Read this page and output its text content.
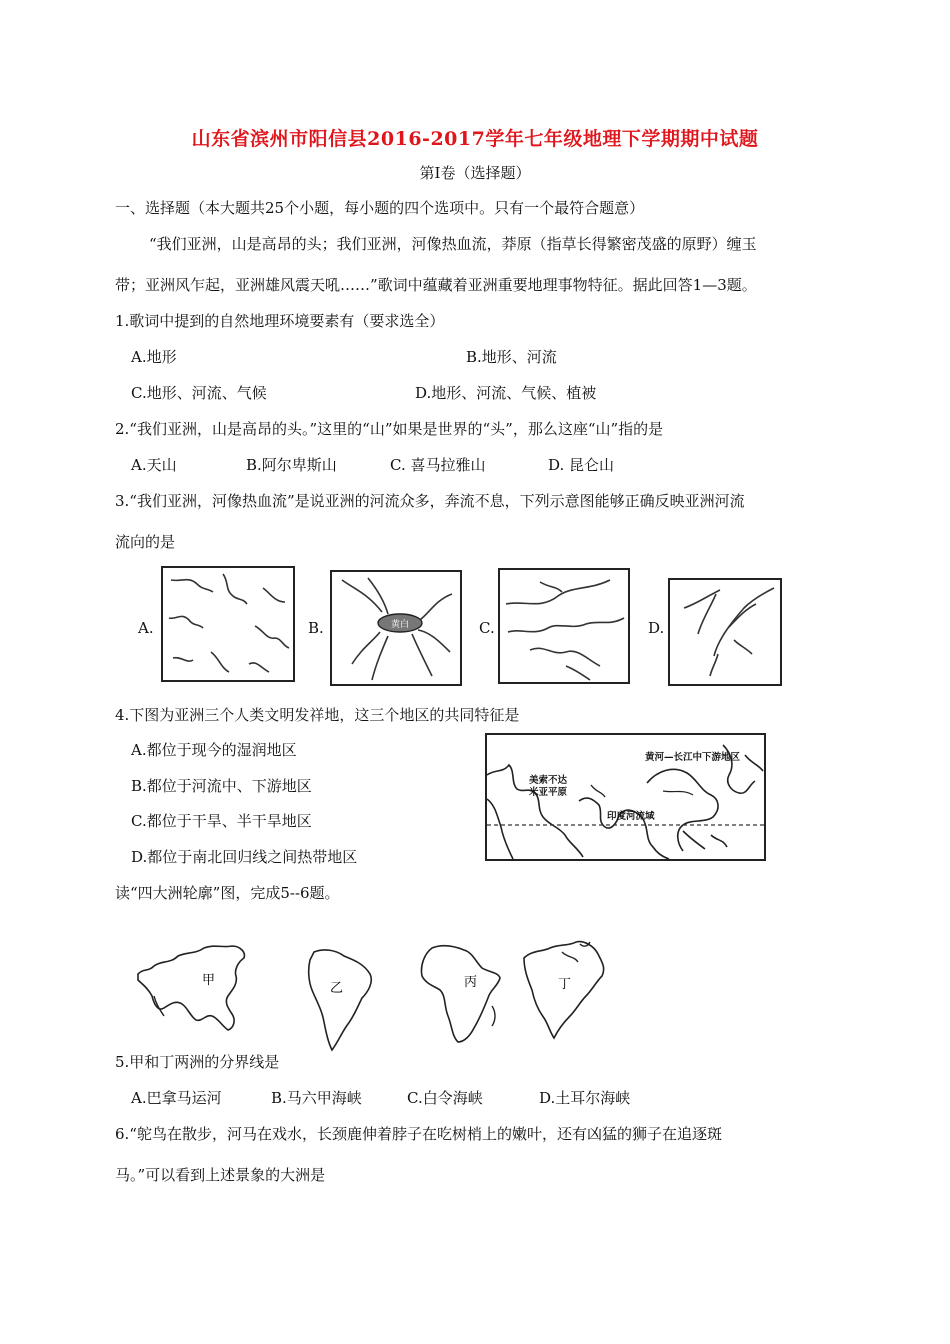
山东省滨州市阳信县2016-2017学年七年级地理下学期期中试题
第Ⅰ卷（选择题）
一、选择题（本大题共25个小题，每小题的四个选项中。只有一个最符合题意）
“我们亚洲，山是高昂的头；我们亚洲，河像热血流，莽原（指草长得繁密茂盛的原野）缠玉
带；亚洲风乍起，亚洲雄风震天吼……”歌词中蕴藏着亚洲重要地理事物特征。据此回答1—3题。
1.歌词中提到的自然地理环境要素有（要求选全）
A.地形	B.地形、河流
C.地形、河流、气候	D.地形、河流、气候、植被
2.“我们亚洲，山是高昂的头。”这里的“山”如果是世界的“头”，那么这座“山”指的是
A.天山	B.阿尔卑斯山	C. 喜马拉雅山	D. 昆仑山
3.“我们亚洲，河像热血流”是说亚洲的河流众多，奔流不息，下列示意图能够正确反映亚洲河流
流向的是
A.	B.	黄白	C.	D.
4.下图为亚洲三个人类文明发祥地，这三个地区的共同特征是
A.都位于现今的湿润地区
B.都位于河流中、下游地区
C.都位于干旱、半干旱地区
D.都位于南北回归线之间热带地区
黄河—长江中下游地区
美索不达
米亚平原
印度河流域
读“四大洲轮廓”图，完成5--6题。
甲
乙	丙	丁
5.甲和丁两洲的分界线是
A.巴拿马运河	B.马六甲海峡	C.白令海峡	D.土耳尔海峡
6.“鸵鸟在散步，河马在戏水，长颈鹿伸着脖子在吃树梢上的嫩叶，还有凶猛的狮子在追逐斑
马。”可以看到上述景象的大洲是
